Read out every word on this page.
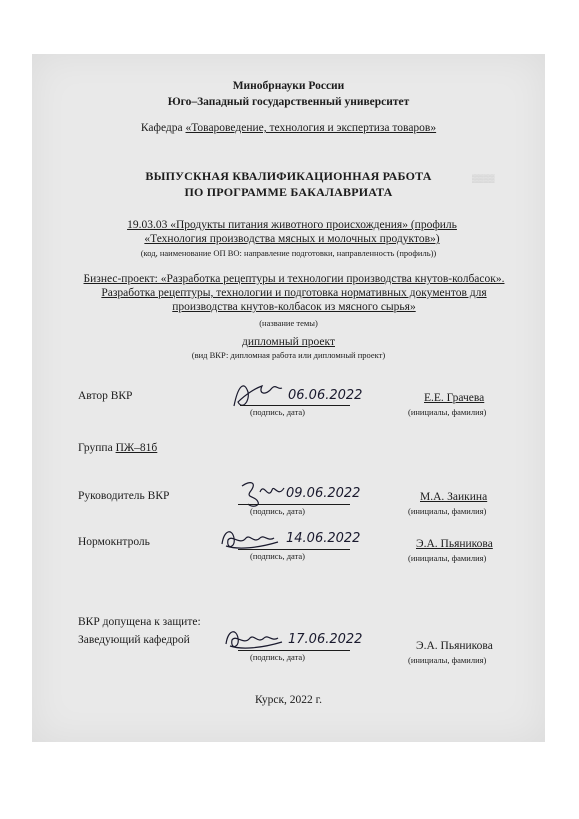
▒▒▒▒
Минобрнауки России
Юго–Западный государственный университет
Кафедра «Товароведение, технология и экспертиза товаров»
ВЫПУСКНАЯ КВАЛИФИКАЦИОННАЯ РАБОТА
ПО ПРОГРАММЕ БАКАЛАВРИАТА
19.03.03 «Продукты питания животного происхождения» (профиль
«Технология производства мясных и молочных продуктов»)
(код, наименование ОП ВО: направление подготовки, направленность (профиль))
Бизнес-проект: «Разработка рецептуры и технологии производства кнутов-колбасок». Разработка рецептуры, технологии и подготовка нормативных документов для производства кнутов-колбасок из мясного сырья»
(название темы)
дипломный проект
(вид ВКР: дипломная работа или дипломный проект)
Автор ВКР	06.06.2022
(подпись, дата)
Е.Е. Грачева
(инициалы, фамилия)
Группа ПЖ–81б
Руководитель ВКР	09.06.2022
(подпись, дата)
М.А. Заикина
(инициалы, фамилия)
Нормокнтроль	14.06.2022
(подпись, дата)
Э.А. Пьяникова
(инициалы, фамилия)
ВКР допущена к защите:
Заведующий кафедрой	17.06.2022
(подпись, дата)
Э.А. Пьяникова
(инициалы, фамилия)
Курск, 2022 г.
